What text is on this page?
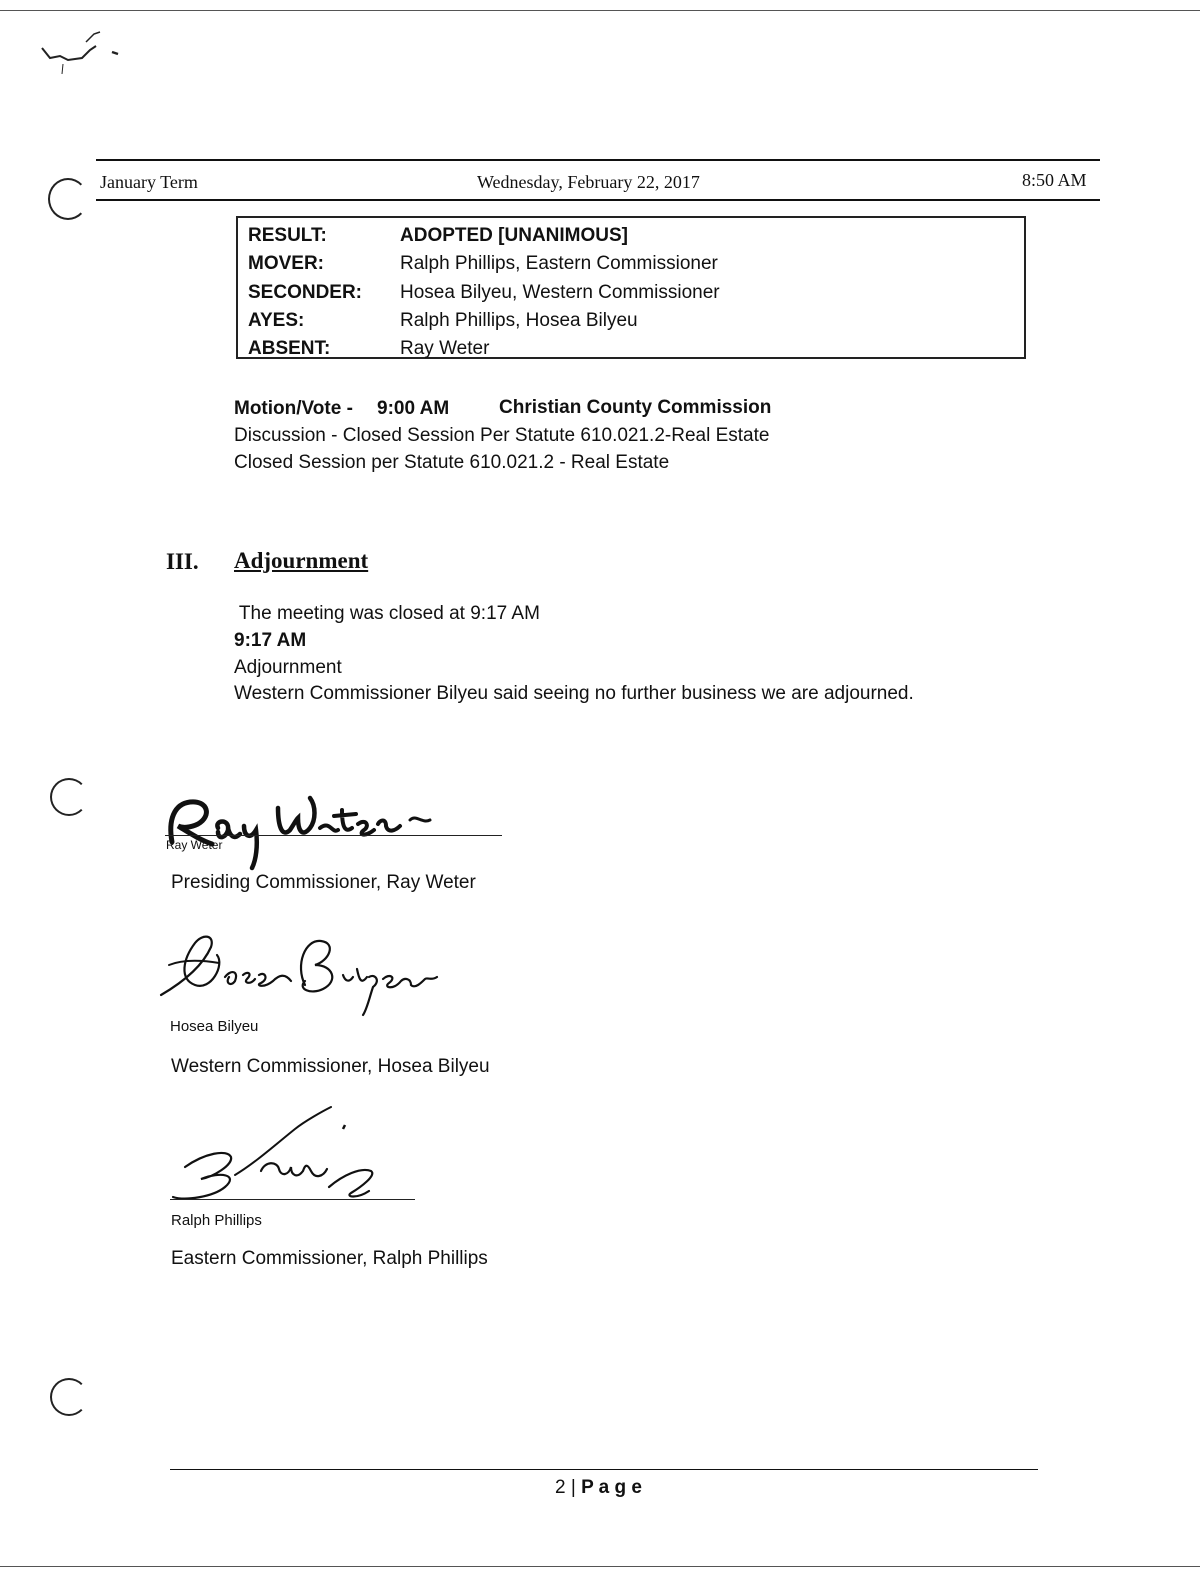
January Term	Wednesday, February 22, 2017	8:50 AM
RESULT:	ADOPTED [UNANIMOUS]
MOVER:	Ralph Phillips, Eastern Commissioner
SECONDER: Hosea Bilyeu, Western Commissioner
AYES:	Ralph Phillips, Hosea Bilyeu
ABSENT:	Ray Weter
Motion/Vote - 9:00 AM	Christian County Commission
Discussion - Closed Session Per Statute 610.021.2-Real Estate
Closed Session per Statute 610.021.2 - Real Estate
III. Adjournment
The meeting was closed at 9:17 AM
9:17 AM
Adjournment
Western Commissioner Bilyeu said seeing no further business we are adjourned.
Ray Weter
Presiding Commissioner, Ray Weter
Hosea Bilyeu
Western Commissioner, Hosea Bilyeu
Ralph Phillips
Eastern Commissioner, Ralph Phillips
2 | P a g e
